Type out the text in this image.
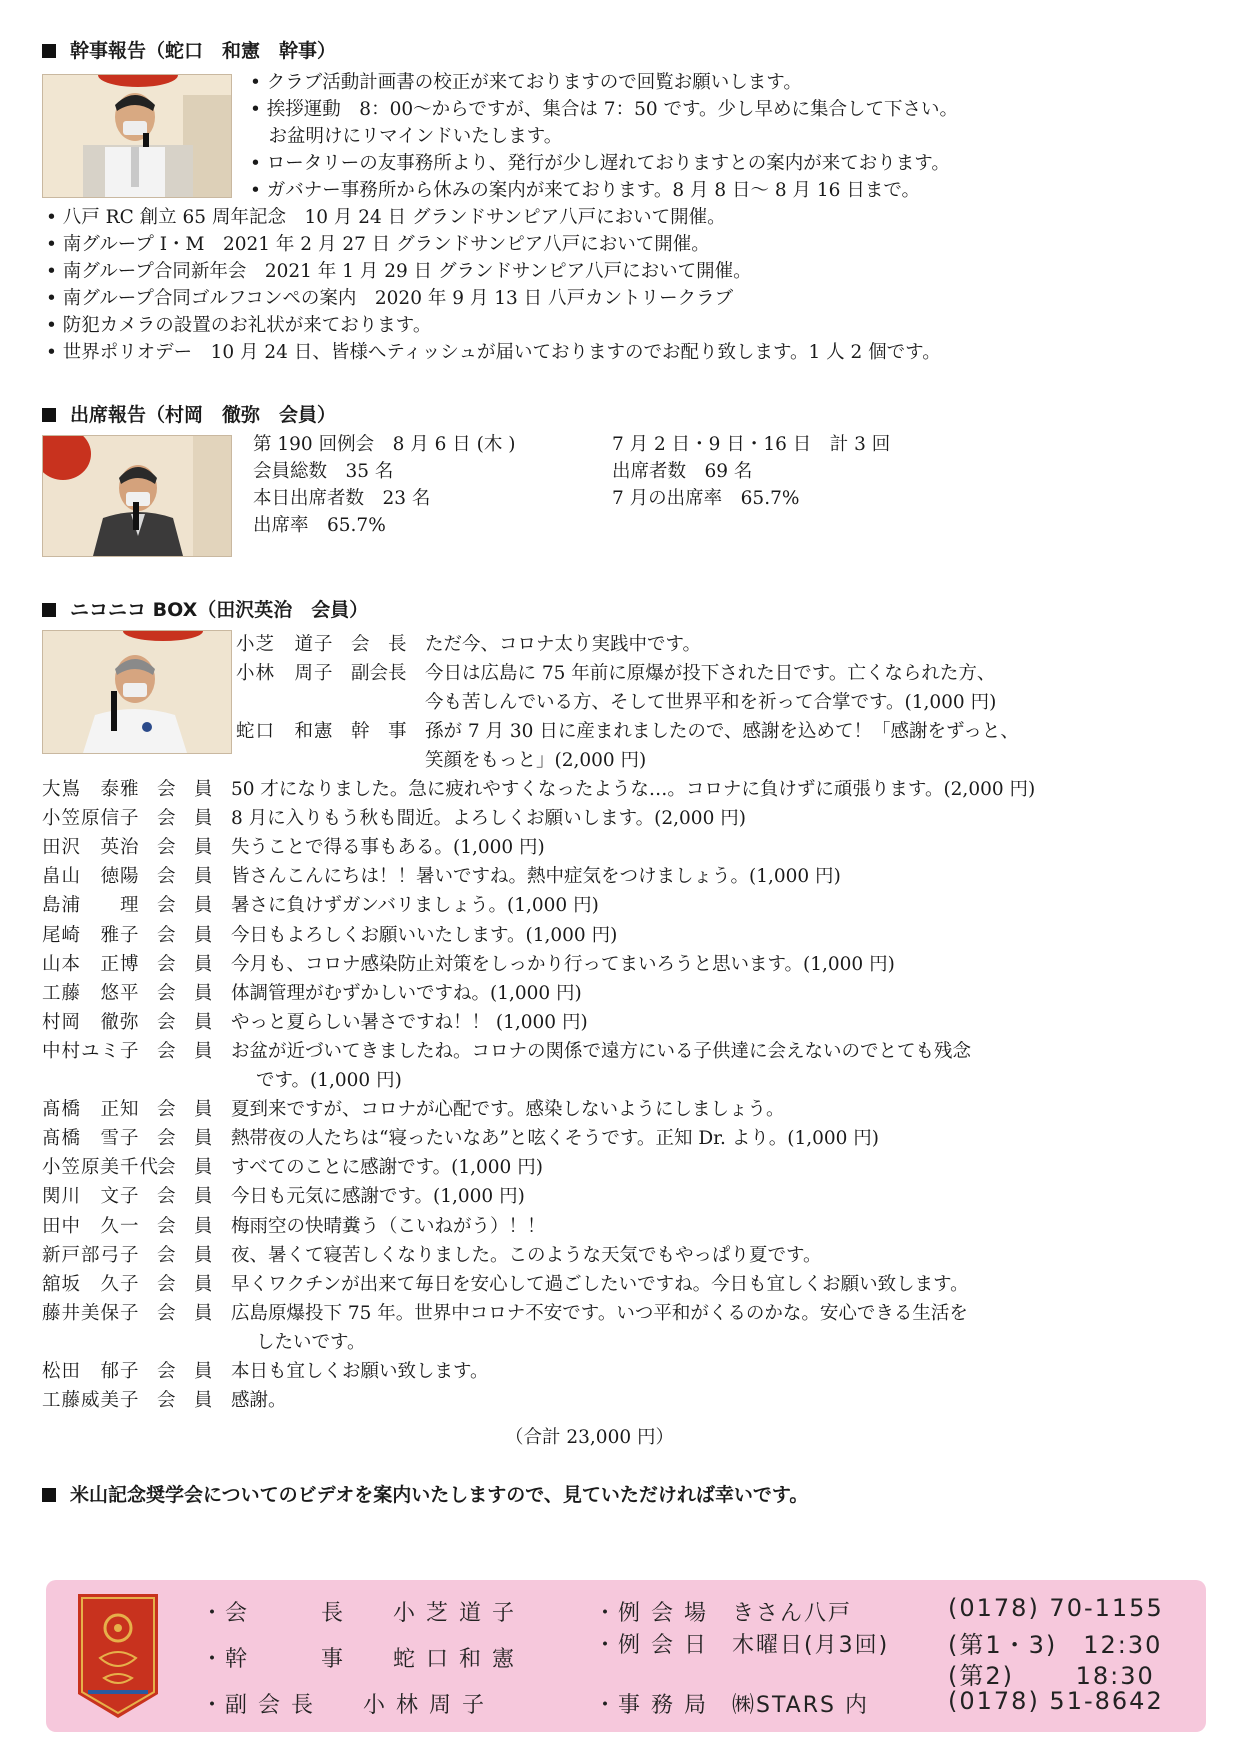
幹事報告（蛇口　和憲　幹事）
• クラブ活動計画書の校正が来ておりますので回覧お願いします。
• 挨拶運動　8：00～からですが、集合は 7：50 です。少し早めに集合して下さい。
　お盆明けにリマインドいたします。
• ロータリーの友事務所より、発行が少し遅れておりますとの案内が来ております。
• ガバナー事務所から休みの案内が来ております。8 月 8 日～ 8 月 16 日まで。
• 八戸 RC 創立 65 周年記念　10 月 24 日 グランドサンピア八戸において開催。
• 南グループ I・M　2021 年 2 月 27 日 グランドサンピア八戸において開催。
• 南グループ合同新年会　2021 年 1 月 29 日 グランドサンピア八戸において開催。
• 南グループ合同ゴルフコンペの案内　2020 年 9 月 13 日 八戸カントリークラブ
• 防犯カメラの設置のお礼状が来ております。
• 世界ポリオデー　10 月 24 日、皆様へティッシュが届いておりますのでお配り致します。1 人 2 個です。
出席報告（村岡　徹弥　会員）
第 190 回例会　8 月 6 日 (木 )
会員総数　35 名
本日出席者数　23 名
出席率　65.7%
7 月 2 日・9 日・16 日　計 3 回
出席者数　69 名
7 月の出席率　65.7%
ニコニコ BOX（田沢英治　会員）
小芝　道子 会　長 ただ今、コロナ太り実践中です。
小林　周子 副会長 今日は広島に 75 年前に原爆が投下された日です。亡くなられた方、
今も苦しんでいる方、そして世界平和を祈って合掌です。(1,000 円)
蛇口　和憲 幹　事 孫が 7 月 30 日に産まれましたので、感謝を込めて！「感謝をずっと、
笑顔をもっと」(2,000 円)
大嶌　泰雅 会　員 50 才になりました。急に疲れやすくなったような…。コロナに負けずに頑張ります。(2,000 円)
小笠原信子 会　員 8 月に入りもう秋も間近。よろしくお願いします。(2,000 円)
田沢　英治 会　員 失うことで得る事もある。(1,000 円)
畠山　徳陽 会　員 皆さんこんにちは！！暑いですね。熱中症気をつけましょう。(1,000 円)
島浦　　理 会　員 暑さに負けずガンバリましょう。(1,000 円)
尾崎　雅子 会　員 今日もよろしくお願いいたします。(1,000 円)
山本　正博 会　員 今月も、コロナ感染防止対策をしっかり行ってまいろうと思います。(1,000 円)
工藤　悠平 会　員 体調管理がむずかしいですね。(1,000 円)
村岡　徹弥 会　員 やっと夏らしい暑さですね！！ (1,000 円)
中村ユミ子 会　員 お盆が近づいてきましたね。コロナの関係で遠方にいる子供達に会えないのでとても残念
です。(1,000 円)
髙橋　正知 会　員 夏到来ですが、コロナが心配です。感染しないようにしましょう。
髙橋　雪子 会　員 熱帯夜の人たちは“寝ったいなあ”と呟くそうです。正知 Dr. より。(1,000 円)
小笠原美千代会　員 すべてのことに感謝です。(1,000 円)
関川　文子 会　員 今日も元気に感謝です。(1,000 円)
田中　久一 会　員 梅雨空の快晴糞う（こいねがう）！！
新戸部弓子 会　員 夜、暑くて寝苦しくなりました。このような天気でもやっぱり夏です。
舘坂　久子 会　員 早くワクチンが出来て毎日を安心して過ごしたいですね。今日も宜しくお願い致します。
藤井美保子 会　員 広島原爆投下 75 年。世界中コロナ不安です。いつ平和がくるのかな。安心できる生活を
したいです。
松田　郁子 会　員 本日も宜しくお願い致します。
工藤威美子 会　員 感謝。
（合計 23,000 円）
米山記念奨学会についてのビデオを案内いたしますので、見ていただければ幸いです。
・会　　　長　　小 芝 道 子
・幹　　　事　　蛇 口 和 憲
・副 会 長　　小 林 周 子
・例 会 場　きさん八戸
・例 会 日　木曜日(月3回)
・事 務 局　㈱STARS 内
(0178) 70-1155
(第1・3)　12:30
(第2)　　 18:30
(0178) 51-8642
